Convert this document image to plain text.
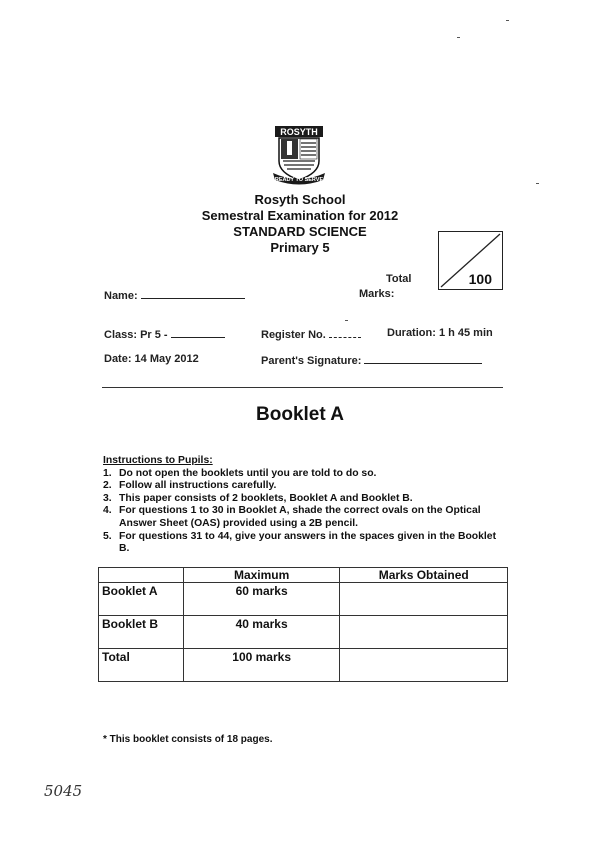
ROSYTH
READY TO SERVE
Rosyth School
Semestral Examination for 2012
STANDARD SCIENCE
Primary 5
Total
Marks:
100
Name:
Class: Pr 5 -	Register No.	Duration: 1 h 45 min
Date: 14 May 2012	Parent's Signature:
Booklet A
Instructions to Pupils:
1. Do not open the booklets until you are told to do so.
2. Follow all instructions carefully.
3. This paper consists of 2 booklets, Booklet A and Booklet B.
4. For questions 1 to 30 in Booklet A, shade the correct ovals on the Optical Answer Sheet (OAS) provided using a 2B pencil.
5. For questions 31 to 44, give your answers in the spaces given in the Booklet B.
	Maximum	Marks Obtained
Booklet A	60 marks	
Booklet B	40 marks	
Total	100 marks	
* This booklet consists of 18 pages.
5045
